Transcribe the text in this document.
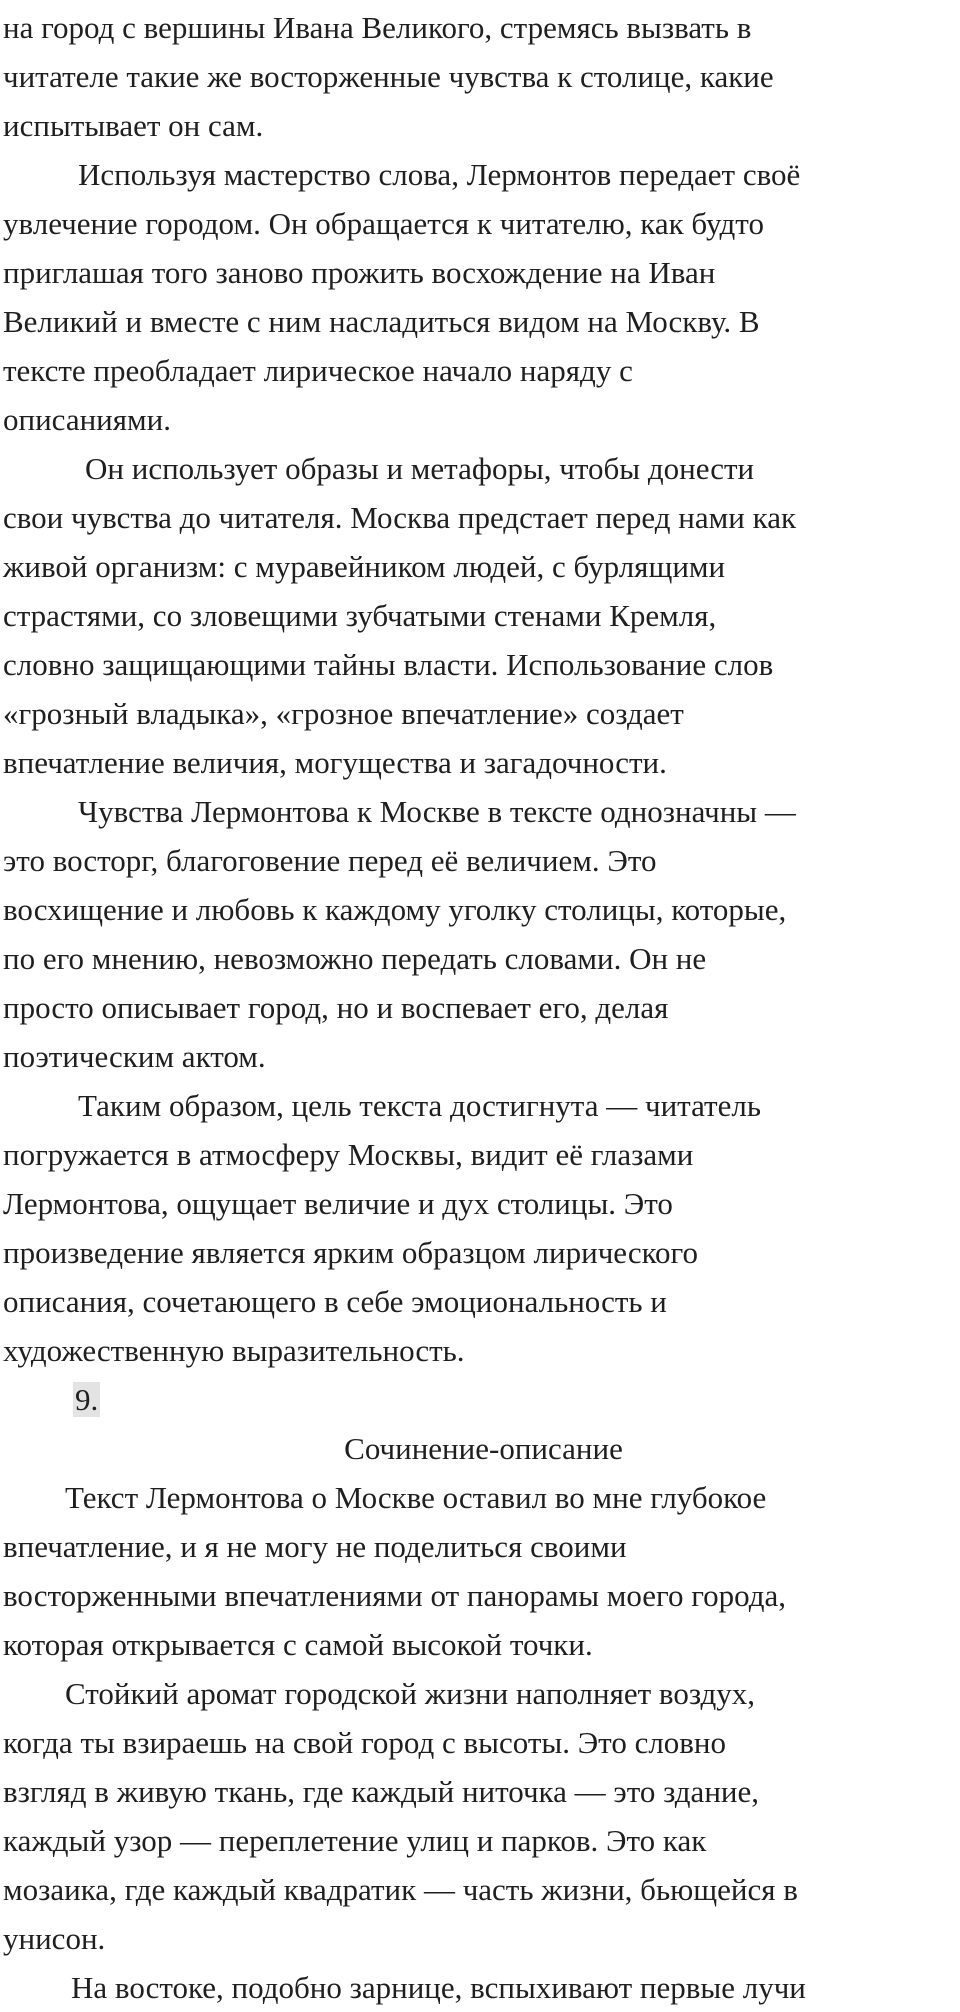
на город с вершины Ивана Великого, стремясь вызвать в
читателе такие же восторженные чувства к столице, какие
испытывает он сам.
Используя мастерство слова, Лермонтов передает своё
увлечение городом. Он обращается к читателю, как будто
приглашая того заново прожить восхождение на Иван
Великий и вместе с ним насладиться видом на Москву. В
тексте преобладает лирическое начало наряду с
описаниями.
Он использует образы и метафоры, чтобы донести
свои чувства до читателя. Москва предстает перед нами как
живой организм: с муравейником людей, с бурлящими
страстями, со зловещими зубчатыми стенами Кремля,
словно защищающими тайны власти. Использование слов
«грозный владыка», «грозное впечатление» создает
впечатление величия, могущества и загадочности.
Чувства Лермонтова к Москве в тексте однозначны —
это восторг, благоговение перед её величием. Это
восхищение и любовь к каждому уголку столицы, которые,
по его мнению, невозможно передать словами. Он не
просто описывает город, но и воспевает его, делая
поэтическим актом.
Таким образом, цель текста достигнута — читатель
погружается в атмосферу Москвы, видит её глазами
Лермонтова, ощущает величие и дух столицы. Это
произведение является ярким образцом лирического
описания, сочетающего в себе эмоциональность и
художественную выразительность.
9.
Сочинение-описание
Текст Лермонтова о Москве оставил во мне глубокое
впечатление, и я не могу не поделиться своими
восторженными впечатлениями от панорамы моего города,
которая открывается с самой высокой точки.
Стойкий аромат городской жизни наполняет воздух,
когда ты взираешь на свой город с высоты. Это словно
взгляд в живую ткань, где каждый ниточка — это здание,
каждый узор — переплетение улиц и парков. Это как
мозаика, где каждый квадратик — часть жизни, бьющейся в
унисон.
На востоке, подобно зарнице, вспыхивают первые лучи
